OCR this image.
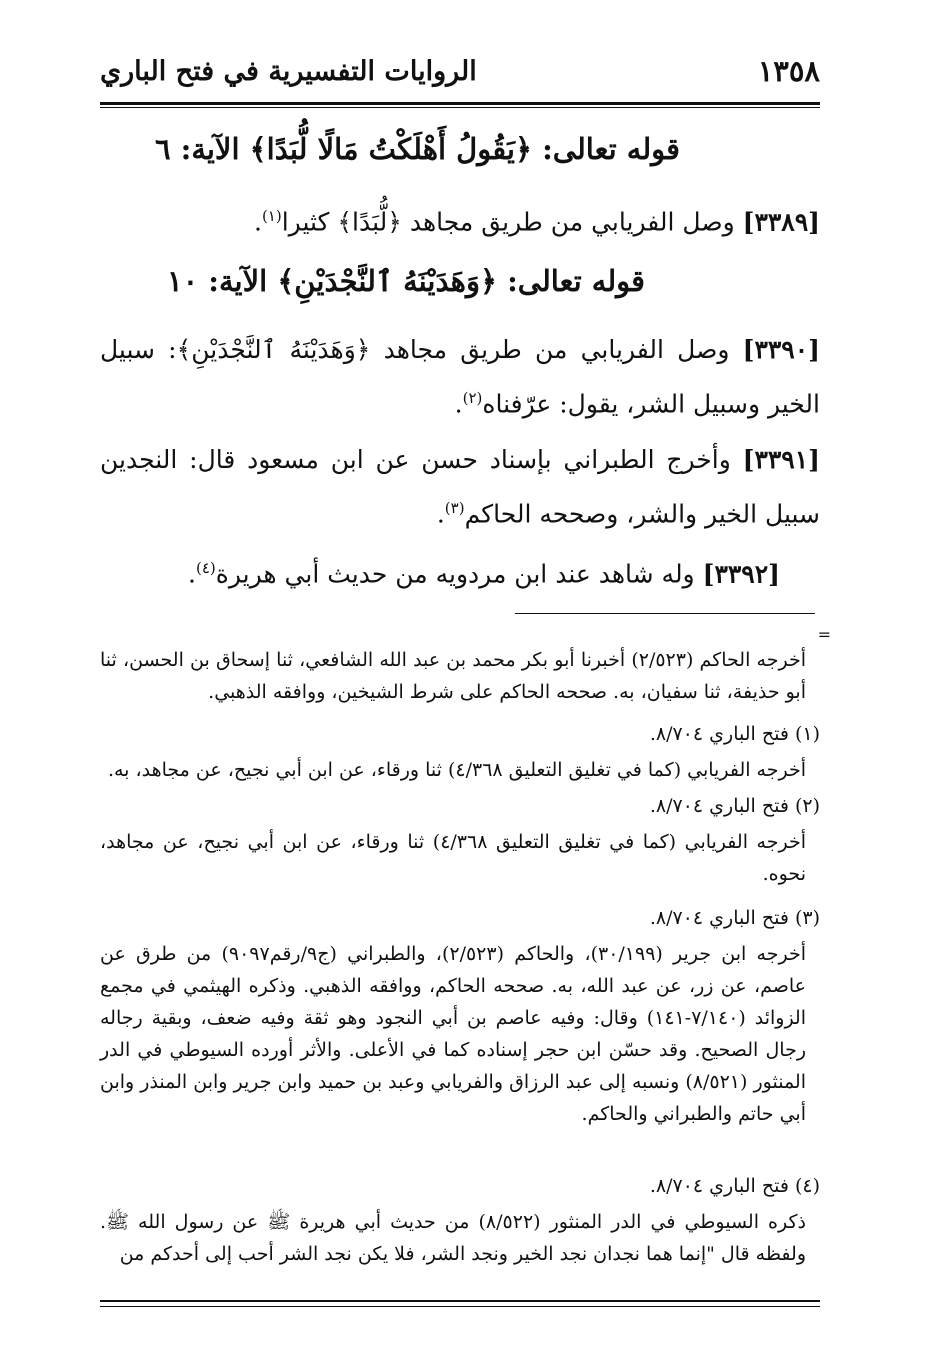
١٣٥٨
الروايات التفسيرية في فتح الباري
قوله تعالى: ﴿يَقُولُ أَهْلَكْتُ مَالًا لُّبَدًا﴾ الآية: ٦
[٣٣٨٩] وصل الفريابي من طريق مجاهد ﴿لُّبَدًا﴾ كثيرا$^{(١)}$.
قوله تعالى: ﴿وَهَدَيْنَهُ ٱلنَّجْدَيْنِ﴾ الآية: ١٠
[٣٣٩٠] وصل الفريابي من طريق مجاهد ﴿وَهَدَيْنَهُ ٱلنَّجْدَيْنِ﴾: سبيل الخير وسبيل الشر، يقول: عرّفناه$^{(٢)}$.
[٣٣٩١] وأخرج الطبراني بإسناد حسن عن ابن مسعود قال: النجدين سبيل الخير والشر، وصححه الحاكم$^{(٣)}$.
[٣٣٩٢] وله شاهد عند ابن مردويه من حديث أبي هريرة$^{(٤)}$.
=
أخرجه الحاكم (٢/٥٢٣) أخبرنا أبو بكر محمد بن عبد الله الشافعي، ثنا إسحاق بن الحسن، ثنا أبو حذيفة، ثنا سفيان، به. صححه الحاكم على شرط الشيخين، ووافقه الذهبي.
(١) فتح الباري ٨/٧٠٤.
أخرجه الفريابي (كما في تغليق التعليق ٤/٣٦٨) ثنا ورقاء، عن ابن أبي نجيح، عن مجاهد، به.
(٢) فتح الباري ٨/٧٠٤.
أخرجه الفريابي (كما في تغليق التعليق ٤/٣٦٨) ثنا ورقاء، عن ابن أبي نجيح، عن مجاهد، نحوه.
(٣) فتح الباري ٨/٧٠٤.
أخرجه ابن جرير (٣٠/١٩٩)، والحاكم (٢/٥٢٣)، والطبراني (ج٩/رقم٩٠٩٧) من طرق عن عاصم، عن زر، عن عبد الله، به. صححه الحاكم، ووافقه الذهبي. وذكره الهيثمي في مجمع الزوائد (٧/١٤٠-١٤١) وقال: وفيه عاصم بن أبي النجود وهو ثقة وفيه ضعف، وبقية رجاله رجال الصحيح. وقد حسّن ابن حجر إسناده كما في الأعلى. والأثر أورده السيوطي في الدر المنثور (٨/٥٢١) ونسبه إلى عبد الرزاق والفريابي وعبد بن حميد وابن جرير وابن المنذر وابن أبي حاتم والطبراني والحاكم.
(٤) فتح الباري ٨/٧٠٤.
ذكره السيوطي في الدر المنثور (٨/٥٢٢) من حديث أبي هريرة ﷺ عن رسول الله ﷺ. ولفظه قال "إنما هما نجدان نجد الخير ونجد الشر، فلا يكن نجد الشر أحب إلى أحدكم من
